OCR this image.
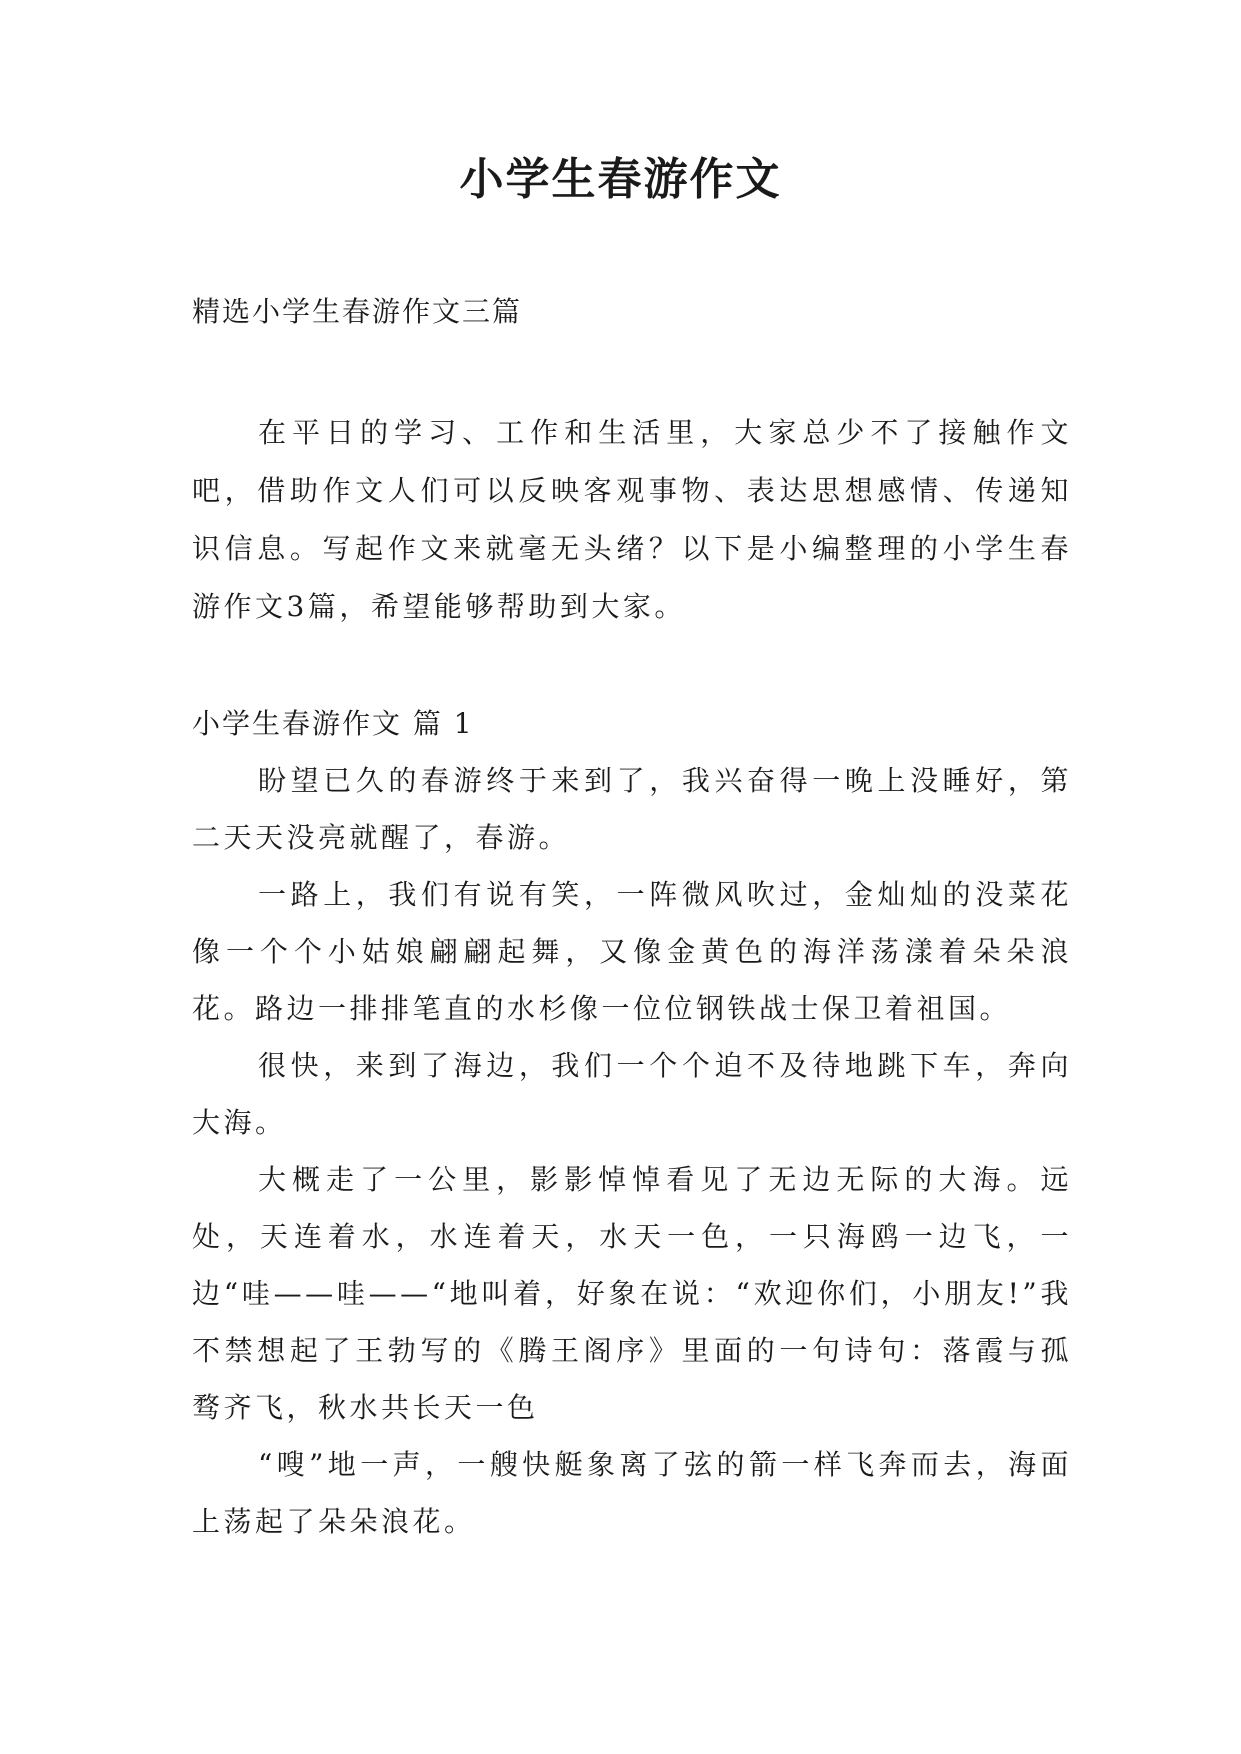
小学生春游作文

精选小学生春游作文三篇

在平日的学习、工作和生活里，大家总少不了接触作文吧，借助作文人们可以反映客观事物、表达思想感情、传递知识信息。写起作文来就毫无头绪？以下是小编整理的小学生春游作文3篇，希望能够帮助到大家。

小学生春游作文 篇 1

盼望已久的春游终于来到了，我兴奋得一晚上没睡好，第二天天没亮就醒了，春游。

一路上，我们有说有笑，一阵微风吹过，金灿灿的没菜花像一个个小姑娘翩翩起舞，又像金黄色的海洋荡漾着朵朵浪花。路边一排排笔直的水杉像一位位钢铁战士保卫着祖国。

很快，来到了海边，我们一个个迫不及待地跳下车，奔向大海。

大概走了一公里，影影悼悼看见了无边无际的大海。远处，天连着水，水连着天，水天一色，一只海鸥一边飞，一边“哇——哇——“地叫着，好象在说：“欢迎你们，小朋友!”我不禁想起了王勃写的《腾王阁序》里面的一句诗句：落霞与孤骛齐飞，秋水共长天一色

“嗖”地一声，一艘快艇象离了弦的箭一样飞奔而去，海面上荡起了朵朵浪花。
